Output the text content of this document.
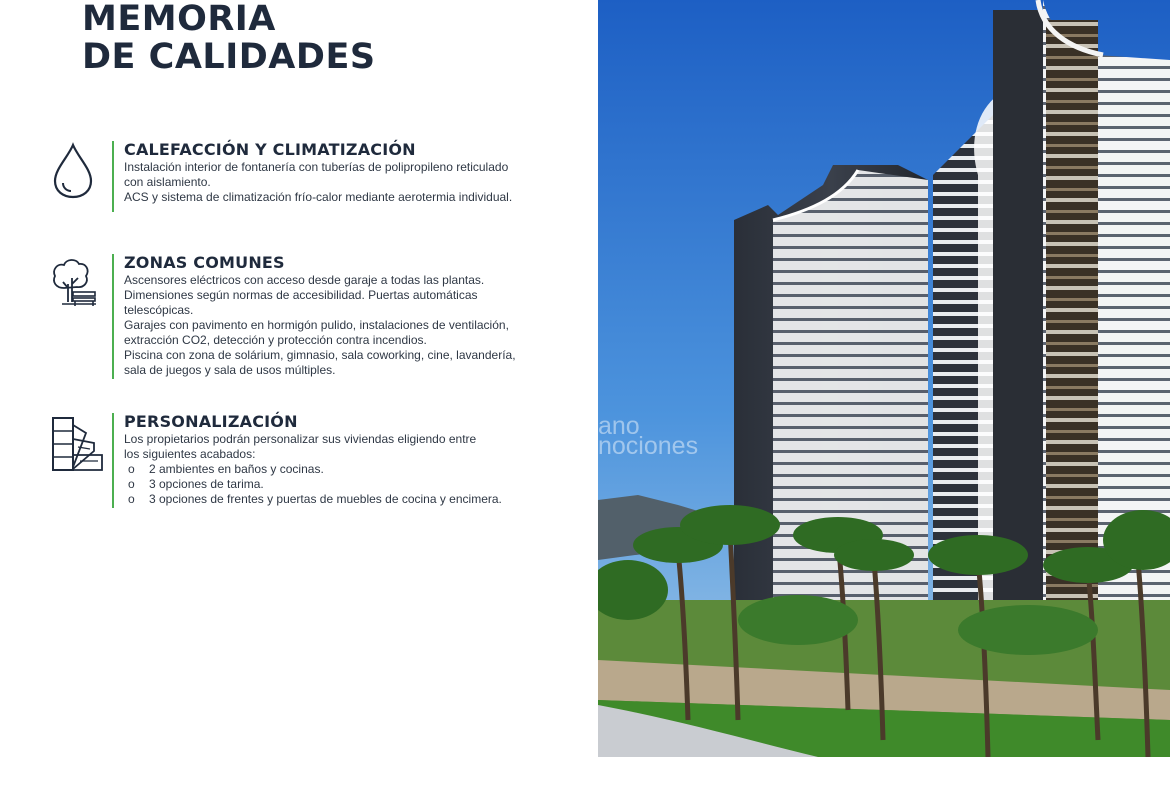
MEMORIA
DE CALIDADES
CALEFACCIÓN Y CLIMATIZACIÓN

Instalación interior de fontanería con tuberías de polipropileno reticulado

con aislamiento.

ACS y sistema de climatización frío-calor mediante aerotermia individual.

ZONAS COMUNES

Ascensores eléctricos con acceso desde garaje a todas las plantas.

Dimensiones según normas de accesibilidad. Puertas automáticas

telescópicas.

Garajes con pavimento en hormigón pulido, instalaciones de ventilación,

extracción CO2, detección y protección contra incendios.

Piscina con zona de solárium, gimnasio, sala coworking, cine, lavandería,

sala de juegos y sala de usos múltiples.

PERSONALIZACIÓN

Los propietarios podrán personalizar sus viviendas eligiendo entre

los siguientes acabados:

o 2 ambientes en baños y cocinas.
o 3 opciones de tarima.
o 3 opciones de frentes y puertas de muebles de cocina y encimera.
ano
nociones
